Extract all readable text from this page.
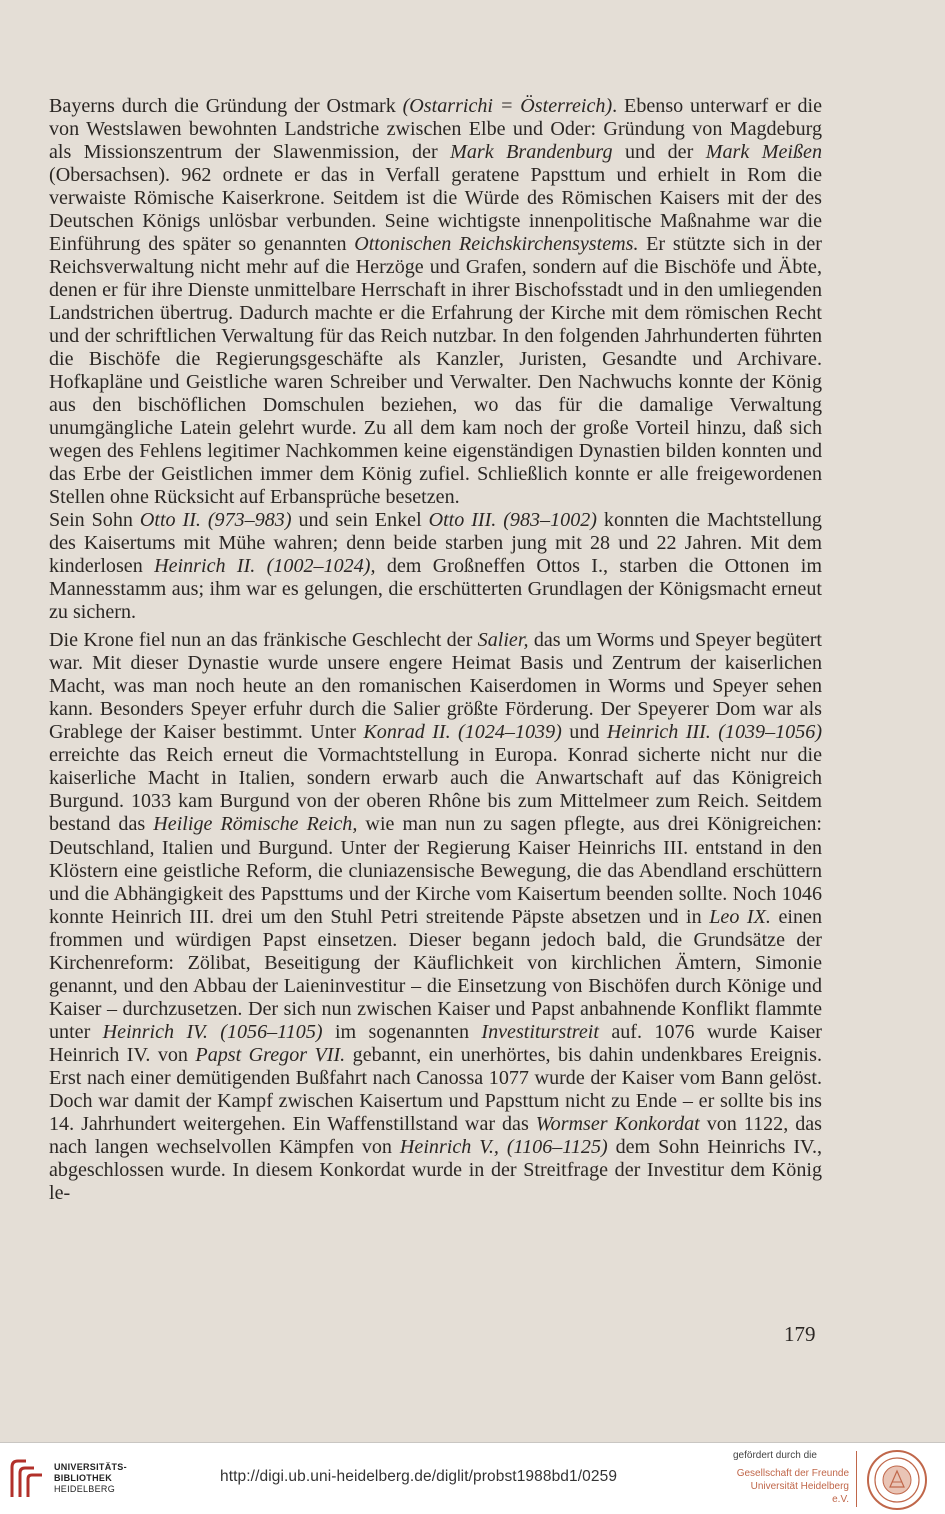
Bayerns durch die Gründung der Ostmark (Ostarrichi = Österreich). Ebenso unterwarf er die von Westslawen bewohnten Landstriche zwischen Elbe und Oder: Gründung von Magdeburg als Missionszentrum der Slawenmission, der Mark Brandenburg und der Mark Meißen (Obersachsen). 962 ordnete er das in Verfall geratene Papsttum und erhielt in Rom die verwaiste Römische Kaiserkrone. Seitdem ist die Würde des Römischen Kaisers mit der des Deutschen Königs unlösbar verbunden. Seine wichtigste innenpolitische Maßnahme war die Einführung des später so genannten Ottonischen Reichskirchensystems. Er stützte sich in der Reichsverwaltung nicht mehr auf die Herzöge und Grafen, sondern auf die Bischöfe und Äbte, denen er für ihre Dienste unmittelbare Herrschaft in ihrer Bischofsstadt und in den umliegenden Landstrichen übertrug. Dadurch machte er die Erfahrung der Kirche mit dem römischen Recht und der schriftlichen Verwaltung für das Reich nutzbar. In den folgenden Jahrhunderten führten die Bischöfe die Regierungsgeschäfte als Kanzler, Juristen, Gesandte und Archivare. Hofkapläne und Geistliche waren Schreiber und Verwalter. Den Nachwuchs konnte der König aus den bischöflichen Domschulen beziehen, wo das für die damalige Verwaltung unumgängliche Latein gelehrt wurde. Zu all dem kam noch der große Vorteil hinzu, daß sich wegen des Fehlens legitimer Nachkommen keine eigenständigen Dynastien bilden konnten und das Erbe der Geistlichen immer dem König zufiel. Schließlich konnte er alle freigewordenen Stellen ohne Rücksicht auf Erbansprüche besetzen.

Sein Sohn Otto II. (973–983) und sein Enkel Otto III. (983–1002) konnten die Machtstellung des Kaisertums mit Mühe wahren; denn beide starben jung mit 28 und 22 Jahren. Mit dem kinderlosen Heinrich II. (1002–1024), dem Großneffen Ottos I., starben die Ottonen im Mannesstamm aus; ihm war es gelungen, die erschütterten Grundlagen der Königsmacht erneut zu sichern.

Die Krone fiel nun an das fränkische Geschlecht der Salier, das um Worms und Speyer begütert war. Mit dieser Dynastie wurde unsere engere Heimat Basis und Zentrum der kaiserlichen Macht, was man noch heute an den romanischen Kaiserdomen in Worms und Speyer sehen kann. Besonders Speyer erfuhr durch die Salier größte Förderung. Der Speyerer Dom war als Grablege der Kaiser bestimmt. Unter Konrad II. (1024–1039) und Heinrich III. (1039–1056) erreichte das Reich erneut die Vormachtstellung in Europa. Konrad sicherte nicht nur die kaiserliche Macht in Italien, sondern erwarb auch die Anwartschaft auf das Königreich Burgund. 1033 kam Burgund von der oberen Rhône bis zum Mittelmeer zum Reich. Seitdem bestand das Heilige Römische Reich, wie man nun zu sagen pflegte, aus drei Königreichen: Deutschland, Italien und Burgund. Unter der Regierung Kaiser Heinrichs III. entstand in den Klöstern eine geistliche Reform, die cluniazensische Bewegung, die das Abendland erschüttern und die Abhängigkeit des Papsttums und der Kirche vom Kaisertum beenden sollte. Noch 1046 konnte Heinrich III. drei um den Stuhl Petri streitende Päpste absetzen und in Leo IX. einen frommen und würdigen Papst einsetzen. Dieser begann jedoch bald, die Grundsätze der Kirchenreform: Zölibat, Beseitigung der Käuflichkeit von kirchlichen Ämtern, Simonie genannt, und den Abbau der Laieninvestitur – die Einsetzung von Bischöfen durch Könige und Kaiser – durchzusetzen. Der sich nun zwischen Kaiser und Papst anbahnende Konflikt flammte unter Heinrich IV. (1056–1105) im sogenannten Investiturstreit auf. 1076 wurde Kaiser Heinrich IV. von Papst Gregor VII. gebannt, ein unerhörtes, bis dahin undenkbares Ereignis. Erst nach einer demütigenden Bußfahrt nach Canossa 1077 wurde der Kaiser vom Bann gelöst. Doch war damit der Kampf zwischen Kaisertum und Papsttum nicht zu Ende – er sollte bis ins 14. Jahrhundert weitergehen. Ein Waffenstillstand war das Wormser Konkordat von 1122, das nach langen wechselvollen Kämpfen von Heinrich V., (1106–1125) dem Sohn Heinrichs IV., abgeschlossen wurde. In diesem Konkordat wurde in der Streitfrage der Investitur dem König le-

179
UNIVERSITÄTS-
BIBLIOTHEK
HEIDELBERG
http://digi.ub.uni-heidelberg.de/diglit/probst1988bd1/0259
gefördert durch die
Gesellschaft der Freunde
Universität Heidelberg e.V.
